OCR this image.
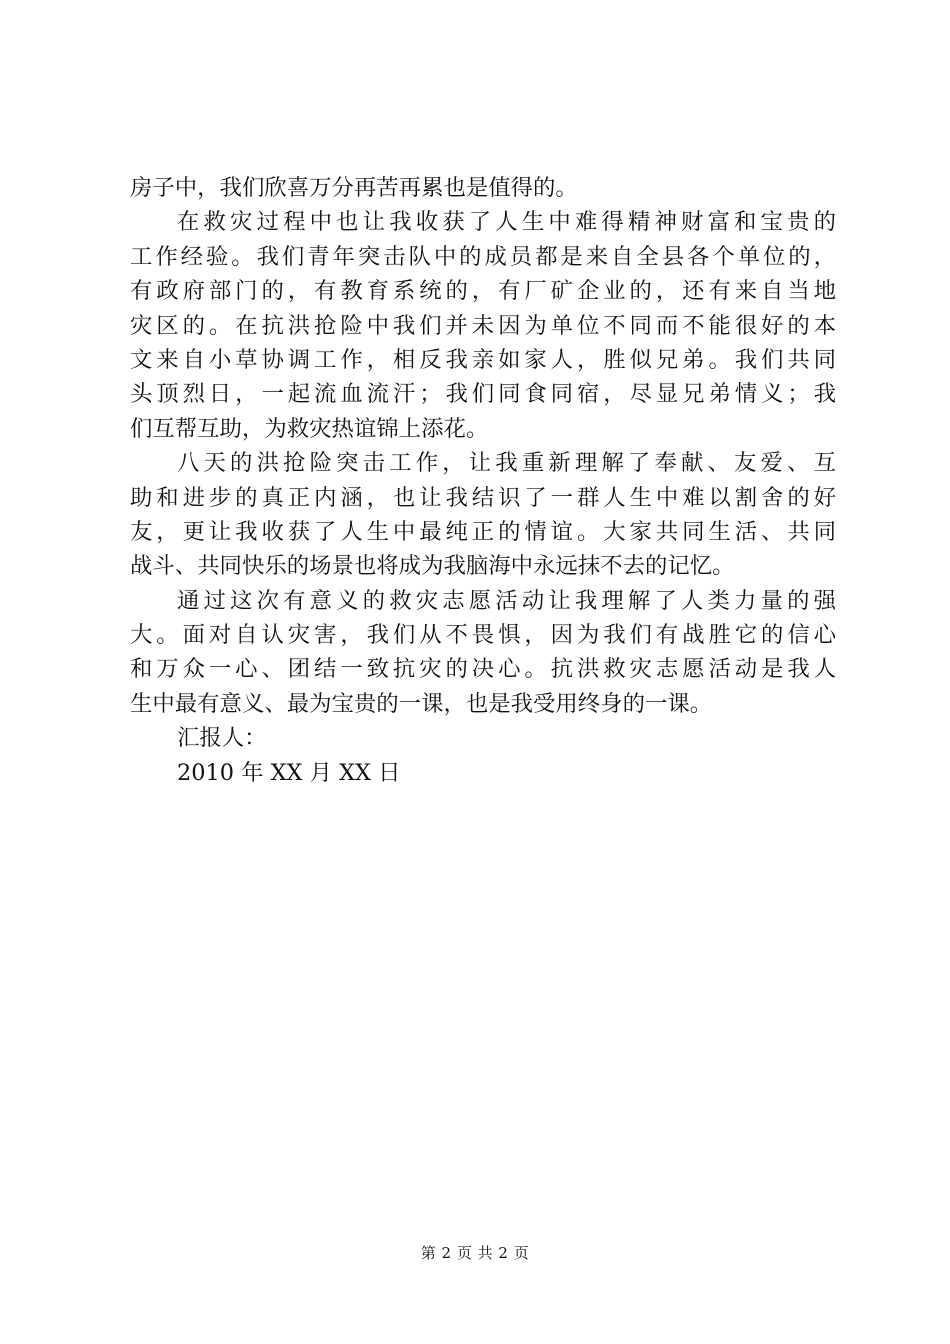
房子中，我们欣喜万分再苦再累也是值得的。
在救灾过程中也让我收获了人生中难得精神财富和宝贵的
工作经验。我们青年突击队中的成员都是来自全县各个单位的，
有政府部门的，有教育系统的，有厂矿企业的，还有来自当地
灾区的。在抗洪抢险中我们并未因为单位不同而不能很好的本
文来自小草协调工作，相反我亲如家人，胜似兄弟。我们共同
头顶烈日，一起流血流汗；我们同食同宿，尽显兄弟情义；我
们互帮互助，为救灾热谊锦上添花。
八天的洪抢险突击工作，让我重新理解了奉献、友爱、互
助和进步的真正内涵，也让我结识了一群人生中难以割舍的好
友，更让我收获了人生中最纯正的情谊。大家共同生活、共同
战斗、共同快乐的场景也将成为我脑海中永远抹不去的记忆。
通过这次有意义的救灾志愿活动让我理解了人类力量的强
大。面对自认灾害，我们从不畏惧，因为我们有战胜它的信心
和万众一心、团结一致抗灾的决心。抗洪救灾志愿活动是我人
生中最有意义、最为宝贵的一课，也是我受用终身的一课。
汇报人：
2010 年 XX 月 XX 日
第 2 页 共 2 页
